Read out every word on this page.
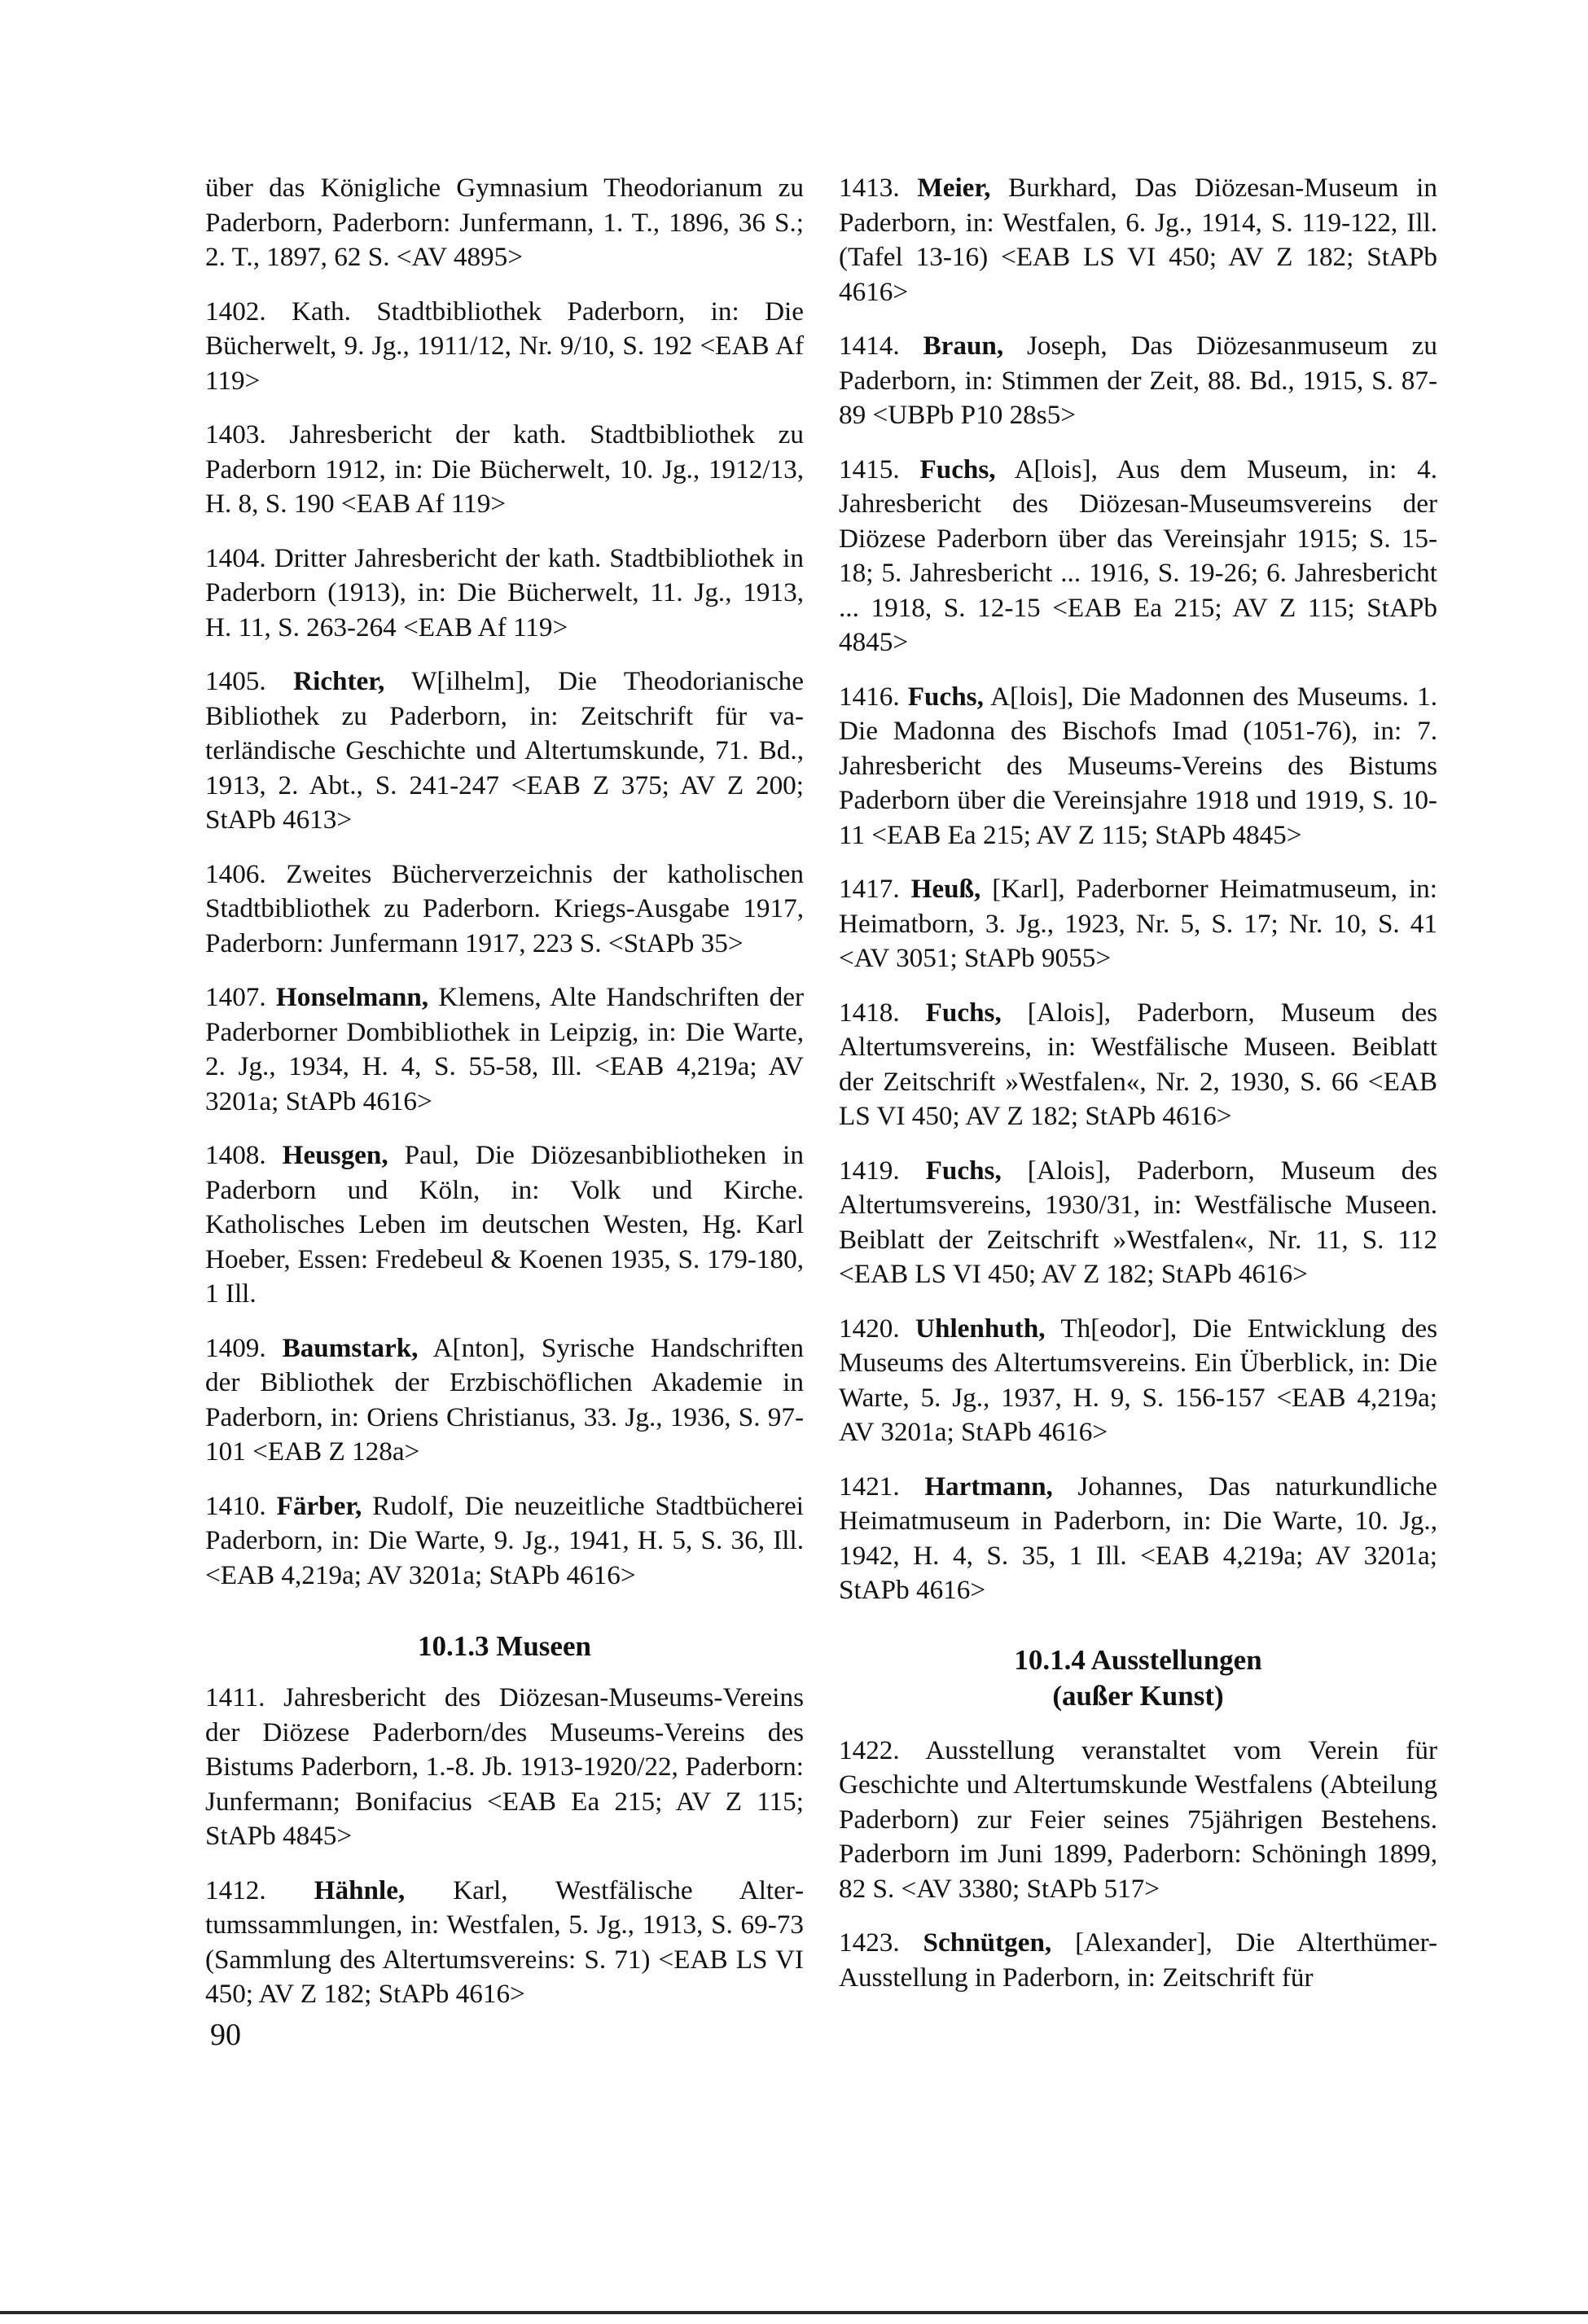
über das Königliche Gymnasium Theodorianum zu Paderborn, Paderborn: Junfermann, 1. T., 1896, 36 S.; 2. T., 1897, 62 S. <AV 4895>

1402. Kath. Stadtbibliothek Paderborn, in: Die Bücherwelt, 9. Jg., 1911/12, Nr. 9/10, S. 192 <EAB Af 119>

1403. Jahresbericht der kath. Stadtbibliothek zu Paderborn 1912, in: Die Bücherwelt, 10. Jg., 1912/13, H. 8, S. 190 <EAB Af 119>

1404. Dritter Jahresbericht der kath. Stadtbibliothek in Paderborn (1913), in: Die Bücherwelt, 11. Jg., 1913, H. 11, S. 263-264 <EAB Af 119>

1405. Richter, W[ilhelm], Die Theodorianische Bibliothek zu Paderborn, in: Zeitschrift für vaterländische Geschichte und Altertumskunde, 71. Bd., 1913, 2. Abt., S. 241-247 <EAB Z 375; AV Z 200; StAPb 4613>

1406. Zweites Bücherverzeichnis der katholischen Stadtbibliothek zu Paderborn. Kriegs-Ausgabe 1917, Paderborn: Junfermann 1917, 223 S. <StAPb 35>

1407. Honselmann, Klemens, Alte Handschriften der Paderborner Dombibliothek in Leipzig, in: Die Warte, 2. Jg., 1934, H. 4, S. 55-58, Ill. <EAB 4,219a; AV 3201a; StAPb 4616>

1408. Heusgen, Paul, Die Diözesanbibliotheken in Paderborn und Köln, in: Volk und Kirche. Katholisches Leben im deutschen Westen, Hg. Karl Hoeber, Essen: Fredebeul & Koenen 1935, S. 179-180, 1 Ill.

1409. Baumstark, A[nton], Syrische Handschriften der Bibliothek der Erzbischöflichen Akademie in Paderborn, in: Oriens Christianus, 33. Jg., 1936, S. 97-101 <EAB Z 128a>

1410. Färber, Rudolf, Die neuzeitliche Stadtbücherei Paderborn, in: Die Warte, 9. Jg., 1941, H. 5, S. 36, Ill. <EAB 4,219a; AV 3201a; StAPb 4616>

10.1.3 Museen

1411. Jahresbericht des Diözesan-Museums-Vereins der Diözese Paderborn/des Museums-Vereins des Bistums Paderborn, 1.-8. Jb. 1913-1920/22, Paderborn: Junfermann; Bonifacius <EAB Ea 215; AV Z 115; StAPb 4845>

1412. Hähnle, Karl, Westfälische Altertumssammlungen, in: Westfalen, 5. Jg., 1913, S. 69-73 (Sammlung des Altertumsvereins: S. 71) <EAB LS VI 450; AV Z 182; StAPb 4616>

1413. Meier, Burkhard, Das Diözesan-Museum in Paderborn, in: Westfalen, 6. Jg., 1914, S. 119-122, Ill. (Tafel 13-16) <EAB LS VI 450; AV Z 182; StAPb 4616>

1414. Braun, Joseph, Das Diözesanmuseum zu Paderborn, in: Stimmen der Zeit, 88. Bd., 1915, S. 87-89 <UBPb P10 28s5>

1415. Fuchs, A[lois], Aus dem Museum, in: 4. Jahresbericht des Diözesan-Museumsvereins der Diözese Paderborn über das Vereinsjahr 1915; S. 15-18; 5. Jahresbericht ... 1916, S. 19-26; 6. Jahresbericht ... 1918, S. 12-15 <EAB Ea 215; AV Z 115; StAPb 4845>

1416. Fuchs, A[lois], Die Madonnen des Museums. 1. Die Madonna des Bischofs Imad (1051-76), in: 7. Jahresbericht des Museums-Vereins des Bistums Paderborn über die Vereinsjahre 1918 und 1919, S. 10-11 <EAB Ea 215; AV Z 115; StAPb 4845>

1417. Heuß, [Karl], Paderborner Heimatmuseum, in: Heimatborn, 3. Jg., 1923, Nr. 5, S. 17; Nr. 10, S. 41 <AV 3051; StAPb 9055>

1418. Fuchs, [Alois], Paderborn, Museum des Altertumsvereins, in: Westfälische Museen. Beiblatt der Zeitschrift »Westfalen«, Nr. 2, 1930, S. 66 <EAB LS VI 450; AV Z 182; StAPb 4616>

1419. Fuchs, [Alois], Paderborn, Museum des Altertumsvereins, 1930/31, in: Westfälische Museen. Beiblatt der Zeitschrift »Westfalen«, Nr. 11, S. 112 <EAB LS VI 450; AV Z 182; StAPb 4616>

1420. Uhlenhuth, Th[eodor], Die Entwicklung des Museums des Altertumsvereins. Ein Überblick, in: Die Warte, 5. Jg., 1937, H. 9, S. 156-157 <EAB 4,219a; AV 3201a; StAPb 4616>

1421. Hartmann, Johannes, Das naturkundliche Heimatmuseum in Paderborn, in: Die Warte, 10. Jg., 1942, H. 4, S. 35, 1 Ill. <EAB 4,219a; AV 3201a; StAPb 4616>

10.1.4 Ausstellungen
(außer Kunst)

1422. Ausstellung veranstaltet vom Verein für Geschichte und Altertumskunde Westfalens (Abteilung Paderborn) zur Feier seines 75jährigen Bestehens. Paderborn im Juni 1899, Paderborn: Schöningh 1899, 82 S. <AV 3380; StAPb 517>

1423. Schnütgen, [Alexander], Die Alterthümer-Ausstellung in Paderborn, in: Zeitschrift für

90
